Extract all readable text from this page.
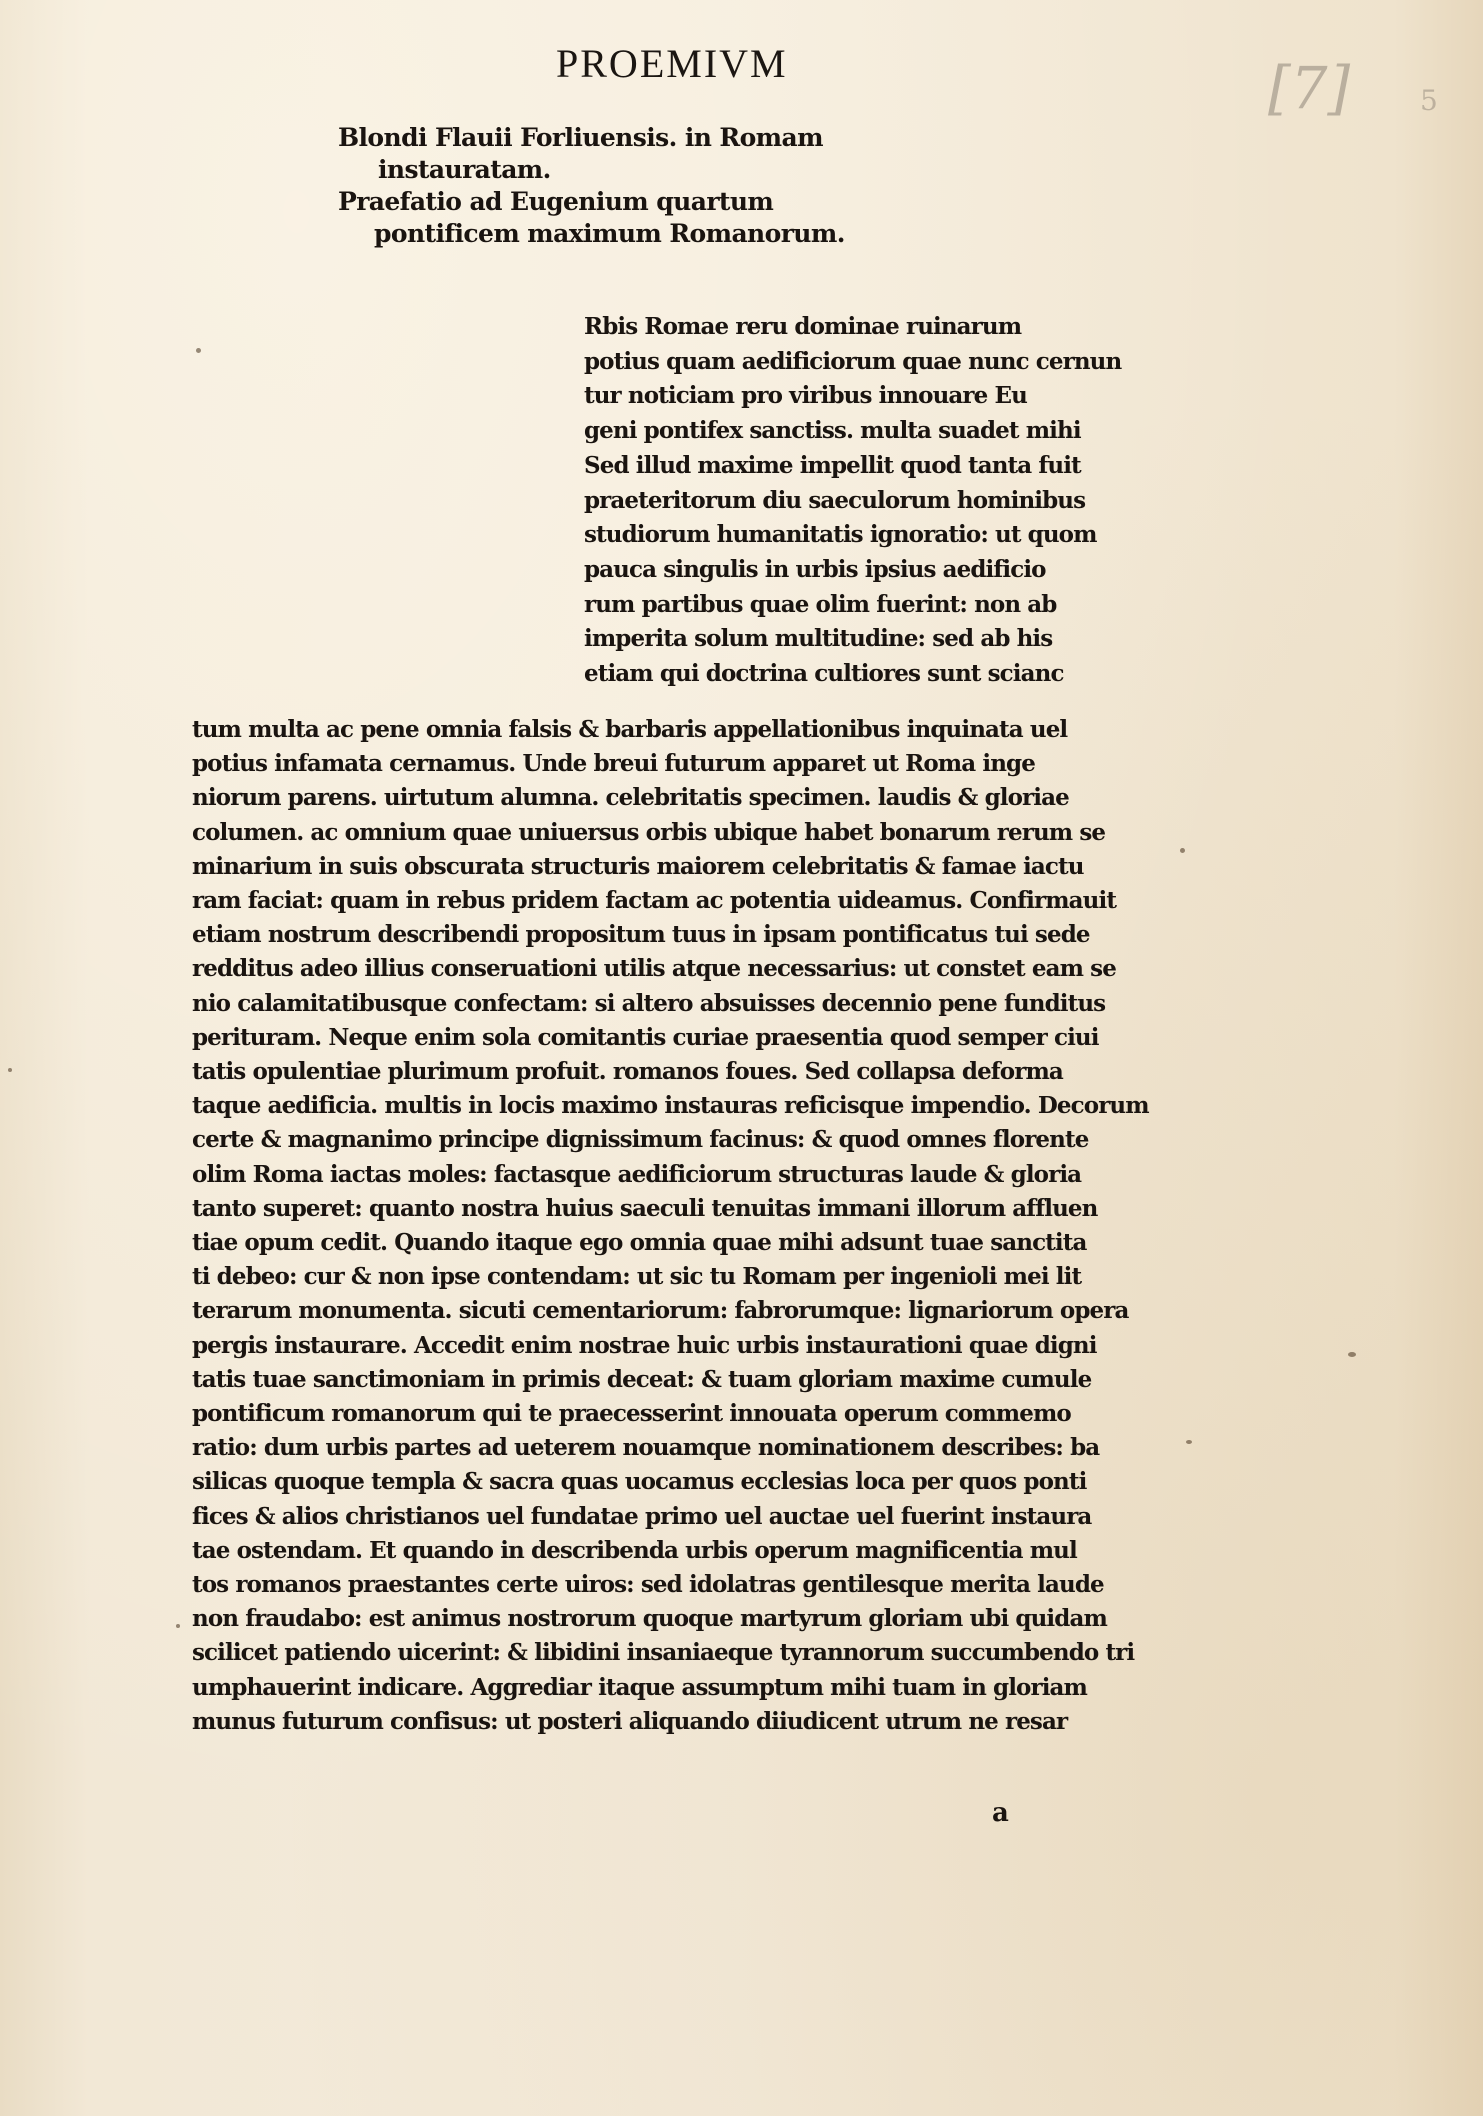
PROEMIVM	[7] 5
Blondi Flauii Forliuensis. in Romam
instauratam.
Praefatio ad Eugenium quartum
pontificem maximum Romanorum.
Rbis Romae reru dominae ruinarum
potius quam aedificiorum quae nunc cernun
tur noticiam pro viribus innouare Eu
geni pontifex sanctiss. multa suadet mihi
Sed illud maxime impellit quod tanta fuit
praeteritorum diu saeculorum hominibus
studiorum humanitatis ignoratio: ut quom
pauca singulis in urbis ipsius aedificio
rum partibus quae olim fuerint: non ab
imperita solum multitudine: sed ab his
etiam qui doctrina cultiores sunt scianc
tum multa ac pene omnia falsis & barbaris appellationibus inquinata uel
potius infamata cernamus. Unde breui futurum apparet ut Roma inge
niorum parens. uirtutum alumna. celebritatis specimen. laudis & gloriae
columen. ac omnium quae uniuersus orbis ubique habet bonarum rerum se
minarium in suis obscurata structuris maiorem celebritatis & famae iactu
ram faciat: quam in rebus pridem factam ac potentia uideamus. Confirmauit
etiam nostrum describendi propositum tuus in ipsam pontificatus tui sede
redditus adeo illius conseruationi utilis atque necessarius: ut constet eam se
nio calamitatibusque confectam: si altero absuisses decennio pene funditus
perituram. Neque enim sola comitantis curiae praesentia quod semper ciui
tatis opulentiae plurimum profuit. romanos foues. Sed collapsa deforma
taque aedificia. multis in locis maximo instauras reficisque impendio. Decorum
certe & magnanimo principe dignissimum facinus: & quod omnes florente
olim Roma iactas moles: factasque aedificiorum structuras laude & gloria
tanto superet: quanto nostra huius saeculi tenuitas immani illorum affluen
tiae opum cedit. Quando itaque ego omnia quae mihi adsunt tuae sanctita
ti debeo: cur & non ipse contendam: ut sic tu Romam per ingenioli mei lit
terarum monumenta. sicuti cementariorum: fabrorumque: lignariorum opera
pergis instaurare. Accedit enim nostrae huic urbis instaurationi quae digni
tatis tuae sanctimoniam in primis deceat: & tuam gloriam maxime cumule
pontificum romanorum qui te praecesserint innouata operum commemo
ratio: dum urbis partes ad ueterem nouamque nominationem describes: ba
silicas quoque templa & sacra quas uocamus ecclesias loca per quos ponti
fices & alios christianos uel fundatae primo uel auctae uel fuerint instaura
tae ostendam. Et quando in describenda urbis operum magnificentia mul
tos romanos praestantes certe uiros: sed idolatras gentilesque merita laude
non fraudabo: est animus nostrorum quoque martyrum gloriam ubi quidam
scilicet patiendo uicerint: & libidini insaniaeque tyrannorum succumbendo tri
umphauerint indicare. Aggrediar itaque assumptum mihi tuam in gloriam
munus futurum confisus: ut posteri aliquando diiudicent utrum ne resar
a
